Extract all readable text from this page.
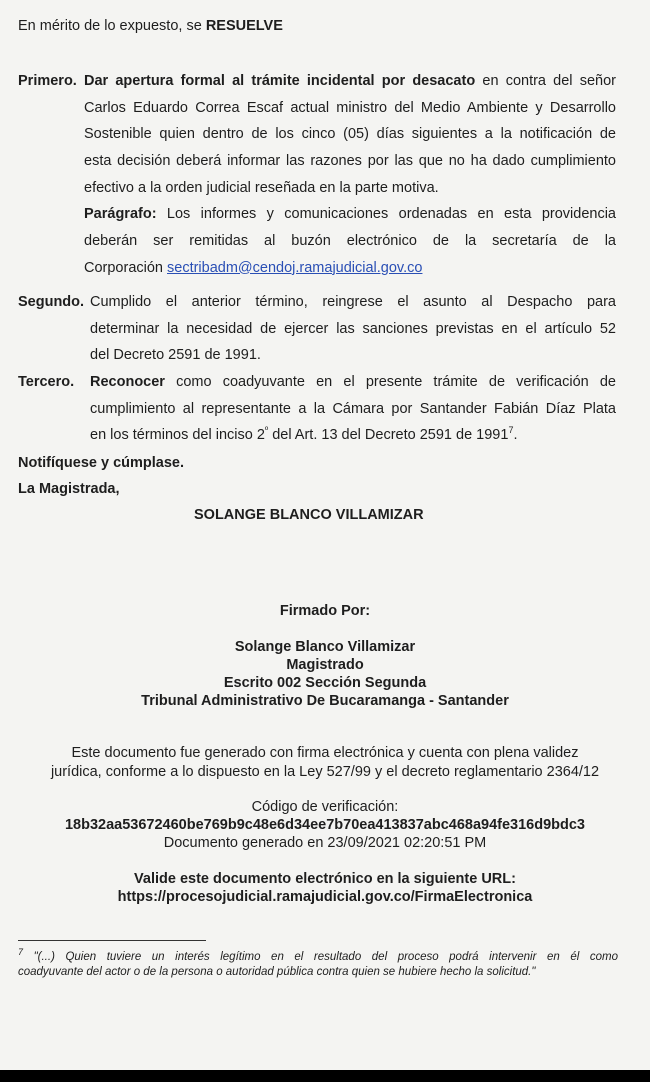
En mérito de lo expuesto, se RESUELVE
Primero. Dar apertura formal al trámite incidental por desacato en contra del señor
Carlos Eduardo Correa Escaf actual ministro del Medio Ambiente y Desarrollo
Sostenible quien dentro de los cinco (05) días siguientes a la notificación de
esta decisión deberá informar las razones por las que no ha dado cumplimiento
efectivo a la orden judicial reseñada en la parte motiva.
Parágrafo: Los informes y comunicaciones ordenadas en esta providencia
deberán ser remitidas al buzón electrónico de la secretaría de la
Corporación sectribadm@cendoj.ramajudicial.gov.co
Segundo. Cumplido el anterior término, reingrese el asunto al Despacho para
determinar la necesidad de ejercer las sanciones previstas en el artículo 52
del Decreto 2591 de 1991.
Tercero. Reconocer como coadyuvante en el presente trámite de verificación de
cumplimiento al representante a la Cámara por Santander Fabián Díaz Plata
en los términos del inciso $2^º$ del Art. 13 del Decreto 2591 de 1991$^7$.
Notifíquese y cúmplase.
La Magistrada,
SOLANGE BLANCO VILLAMIZAR
Firmado Por:
Solange Blanco Villamizar
Magistrado
Escrito 002 Sección Segunda
Tribunal Administrativo De Bucaramanga - Santander
Este documento fue generado con firma electrónica y cuenta con plena validez
jurídica, conforme a lo dispuesto en la Ley 527/99 y el decreto reglamentario 2364/12
Código de verificación:
18b32aa53672460be769b9c48e6d34ee7b70ea413837abc468a94fe316d9bdc3
Documento generado en 23/09/2021 02:20:51 PM
Valide este documento electrónico en la siguiente URL:
https://procesojudicial.ramajudicial.gov.co/FirmaElectronica
$^7$ "(...) Quien tuviere un interés legítimo en el resultado del proceso podrá intervenir en él como
coadyuvante del actor o de la persona o autoridad pública contra quien se hubiere hecho la solicitud."
